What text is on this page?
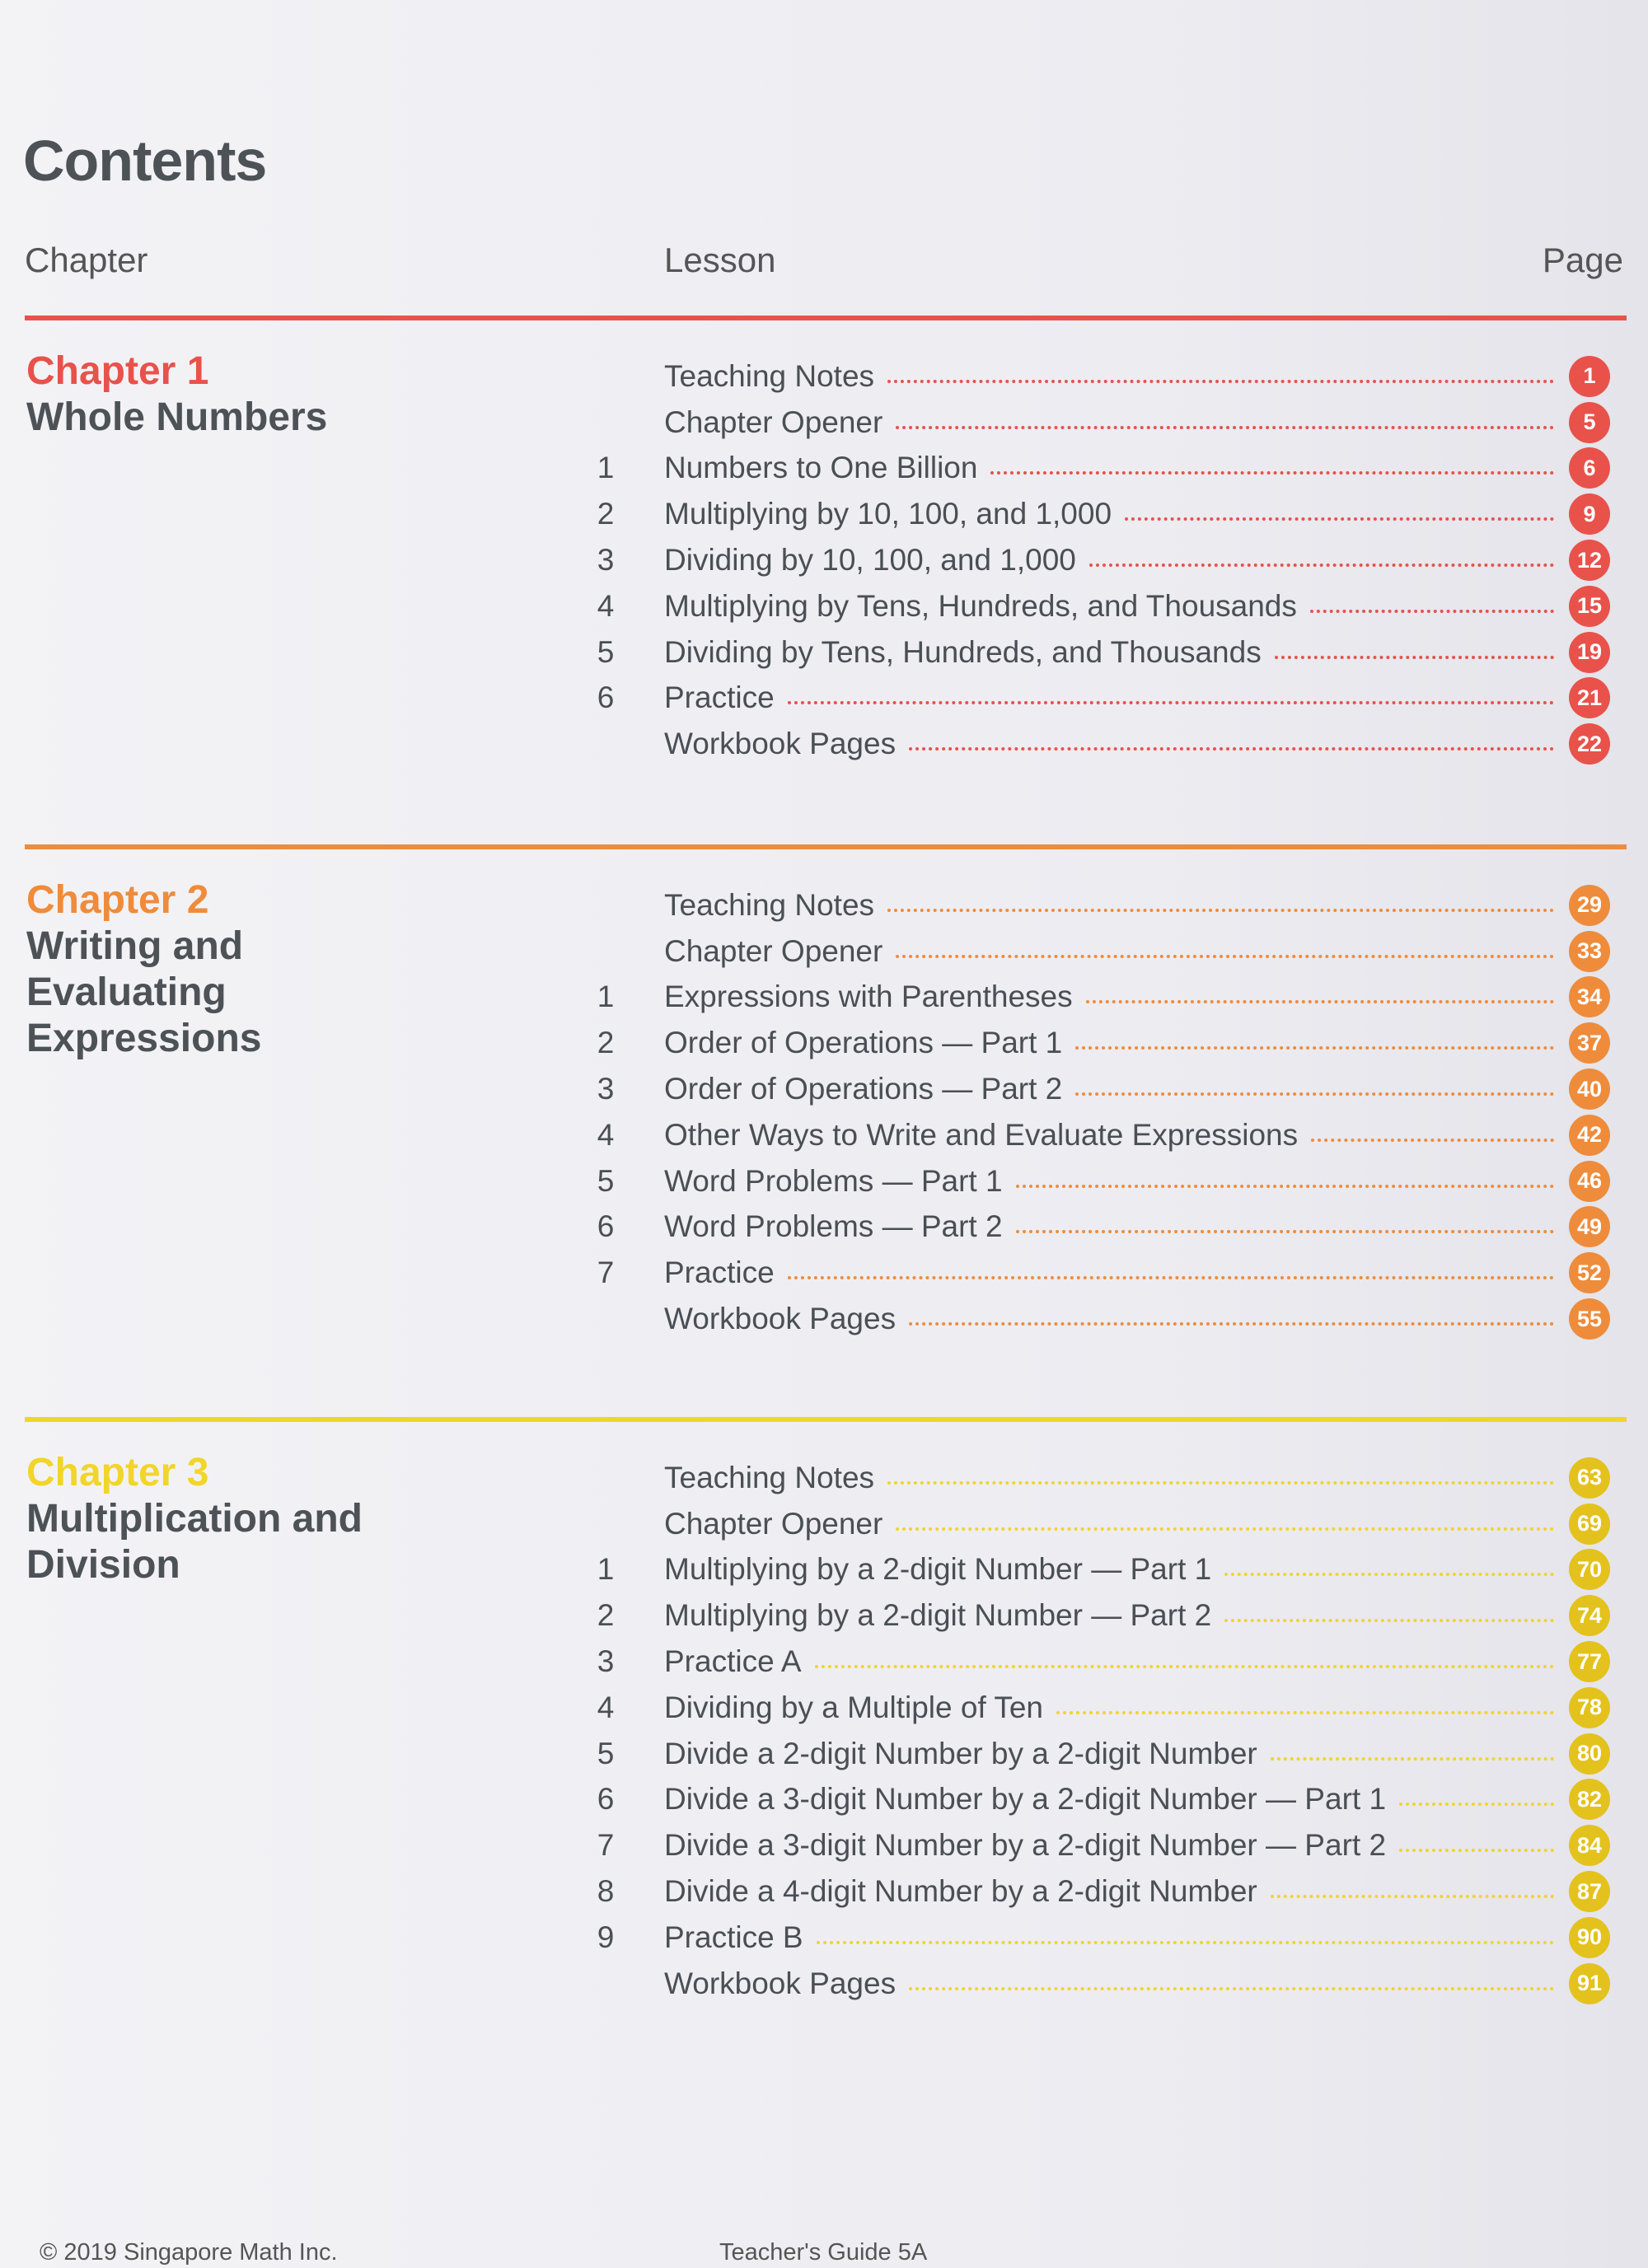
Contents
Chapter	Lesson	Page
Chapter 1
Whole Numbers
Teaching Notes	1
Chapter Opener	5
1	Numbers to One Billion	6
2	Multiplying by 10, 100, and 1,000	9
3	Dividing by 10, 100, and 1,000	12
4	Multiplying by Tens, Hundreds, and Thousands	15
5	Dividing by Tens, Hundreds, and Thousands	19
6	Practice	21
Workbook Pages	22
Chapter 2
Writing and Evaluating Expressions
Teaching Notes	29
Chapter Opener	33
1	Expressions with Parentheses	34
2	Order of Operations — Part 1	37
3	Order of Operations — Part 2	40
4	Other Ways to Write and Evaluate Expressions	42
5	Word Problems — Part 1	46
6	Word Problems — Part 2	49
7	Practice	52
Workbook Pages	55
Chapter 3
Multiplication and Division
Teaching Notes	63
Chapter Opener	69
1	Multiplying by a 2-digit Number — Part 1	70
2	Multiplying by a 2-digit Number — Part 2	74
3	Practice A	77
4	Dividing by a Multiple of Ten	78
5	Divide a 2-digit Number by a 2-digit Number	80
6	Divide a 3-digit Number by a 2-digit Number — Part 1	82
7	Divide a 3-digit Number by a 2-digit Number — Part 2	84
8	Divide a 4-digit Number by a 2-digit Number	87
9	Practice B	90
Workbook Pages	91
© 2019 Singapore Math Inc.	Teacher's Guide 5A
